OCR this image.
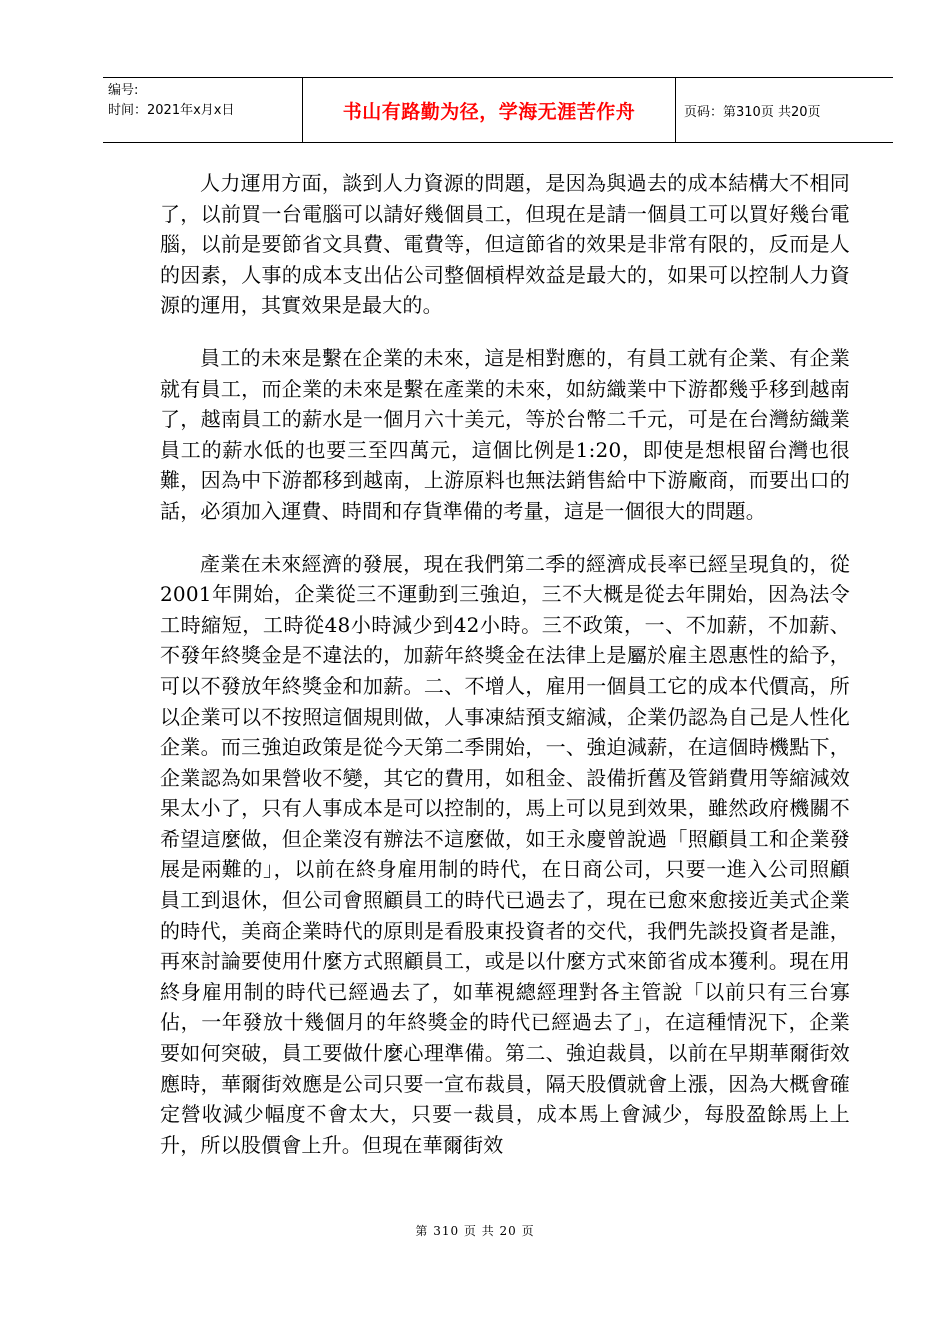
编号:
时间：2021年x月x日	书山有路勤为径，学海无涯苦作舟	页码：第310页 共20页

人力運用方面，談到人力資源的問題，是因為與過去的成本結構大不相同了，以前買一台電腦可以請好幾個員工，但現在是請一個員工可以買好幾台電腦，以前是要節省文具費、電費等，但這節省的效果是非常有限的，反而是人的因素，人事的成本支出佔公司整個槓桿效益是最大的，如果可以控制人力資源的運用，其實效果是最大的。

員工的未來是繫在企業的未來，這是相對應的，有員工就有企業、有企業就有員工，而企業的未來是繫在產業的未來，如紡織業中下游都幾乎移到越南了，越南員工的薪水是一個月六十美元，等於台幣二千元，可是在台灣紡織業員工的薪水低的也要三至四萬元，這個比例是1:20，即使是想根留台灣也很難，因為中下游都移到越南，上游原料也無法銷售給中下游廠商，而要出口的話，必須加入運費、時間和存貨準備的考量，這是一個很大的問題。

產業在未來經濟的發展，現在我們第二季的經濟成長率已經呈現負的，從2001年開始，企業從三不運動到三強迫，三不大概是從去年開始，因為法令工時縮短，工時從48小時減少到42小時。三不政策，一、不加薪，不加薪、不發年終獎金是不違法的，加薪年終獎金在法律上是屬於雇主恩惠性的給予，可以不發放年終獎金和加薪。二、不增人，雇用一個員工它的成本代價高，所以企業可以不按照這個規則做，人事凍結預支縮減，企業仍認為自己是人性化企業。而三強迫政策是從今天第二季開始，一、強迫減薪，在這個時機點下，企業認為如果營收不變，其它的費用，如租金、設備折舊及管銷費用等縮減效果太小了，只有人事成本是可以控制的，馬上可以見到效果，雖然政府機關不希望這麼做，但企業沒有辦法不這麼做，如王永慶曾說過「照顧員工和企業發展是兩難的」，以前在終身雇用制的時代，在日商公司，只要一進入公司照顧員工到退休，但公司會照顧員工的時代已過去了，現在已愈來愈接近美式企業的時代，美商企業時代的原則是看股東投資者的交代，我們先談投資者是誰，再來討論要使用什麼方式照顧員工，或是以什麼方式來節省成本獲利。現在用終身雇用制的時代已經過去了，如華視總經理對各主管說「以前只有三台寡佔，一年發放十幾個月的年終獎金的時代已經過去了」，在這種情況下，企業要如何突破，員工要做什麼心理準備。第二、強迫裁員，以前在早期華爾街效應時，華爾街效應是公司只要一宣布裁員，隔天股價就會上漲，因為大概會確定營收減少幅度不會太大，只要一裁員，成本馬上會減少，每股盈餘馬上上升，所以股價會上升。但現在華爾街效

第 310 页 共 20 页
